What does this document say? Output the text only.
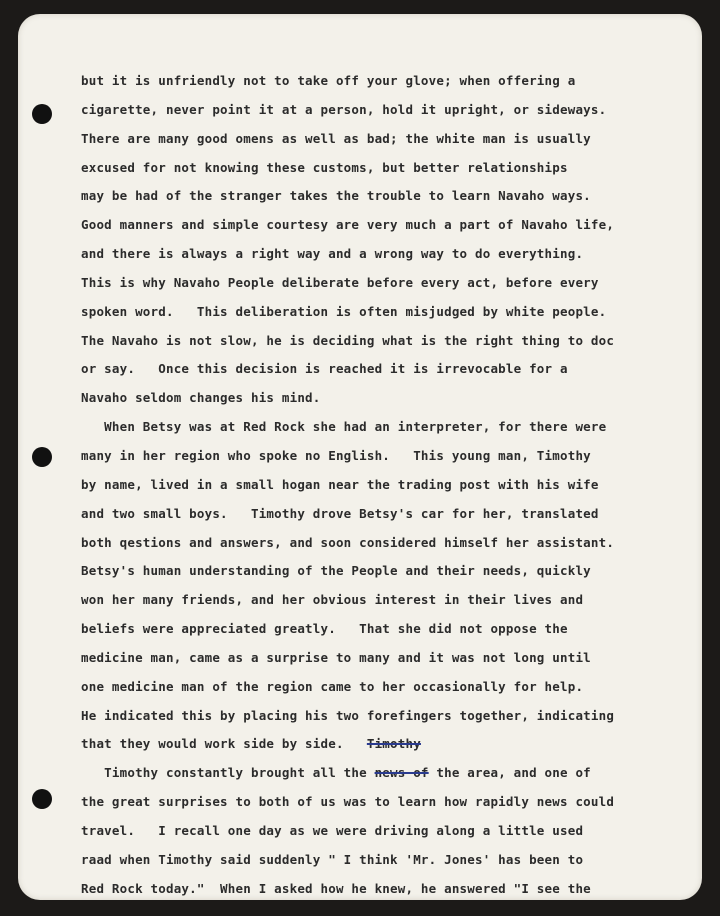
but it is unfriendly not to take off your glove; when offering a
cigarette, never point it at a person, hold it upright, or sideways.
There are many good omens as well as bad; the white man is usually
excused for not knowing these customs, but better relationships
may be had of the stranger takes the trouble to learn Navaho ways.
Good manners and simple courtesy are very much a part of Navaho life,
and there is always a right way and a wrong way to do everything.
This is why Navaho People deliberate before every act, before every
spoken word.   This deliberation is often misjudged by white people.
The Navaho is not slow, he is deciding what is the right thing to doc
or say.   Once this decision is reached it is irrevocable for a
Navaho seldom changes his mind.
When Betsy was at Red Rock she had an interpreter, for there were
many in her region who spoke no English.   This young man, Timothy
by name, lived in a small hogan near the trading post with his wife
and two small boys.   Timothy drove Betsy's car for her, translated
both qestions and answers, and soon considered himself her assistant.
Betsy's human understanding of the People and their needs, quickly
won her many friends, and her obvious interest in their lives and
beliefs were appreciated greatly.   That she did not oppose the
medicine man, came as a surprise to many and it was not long until
one medicine man of the region came to her occasionally for help.
He indicated this by placing his two forefingers together, indicating
that they would work side by side.   Timothy
Timothy constantly brought all the news of the area, and one of
the great surprises to both of us was to learn how rapidly news could
travel.   I recall one day as we were driving along a little used
raad when Timothy said suddenly " I think 'Mr. Jones' has been to
Red Rock today."  When I asked how he knew, he answered "I see the
